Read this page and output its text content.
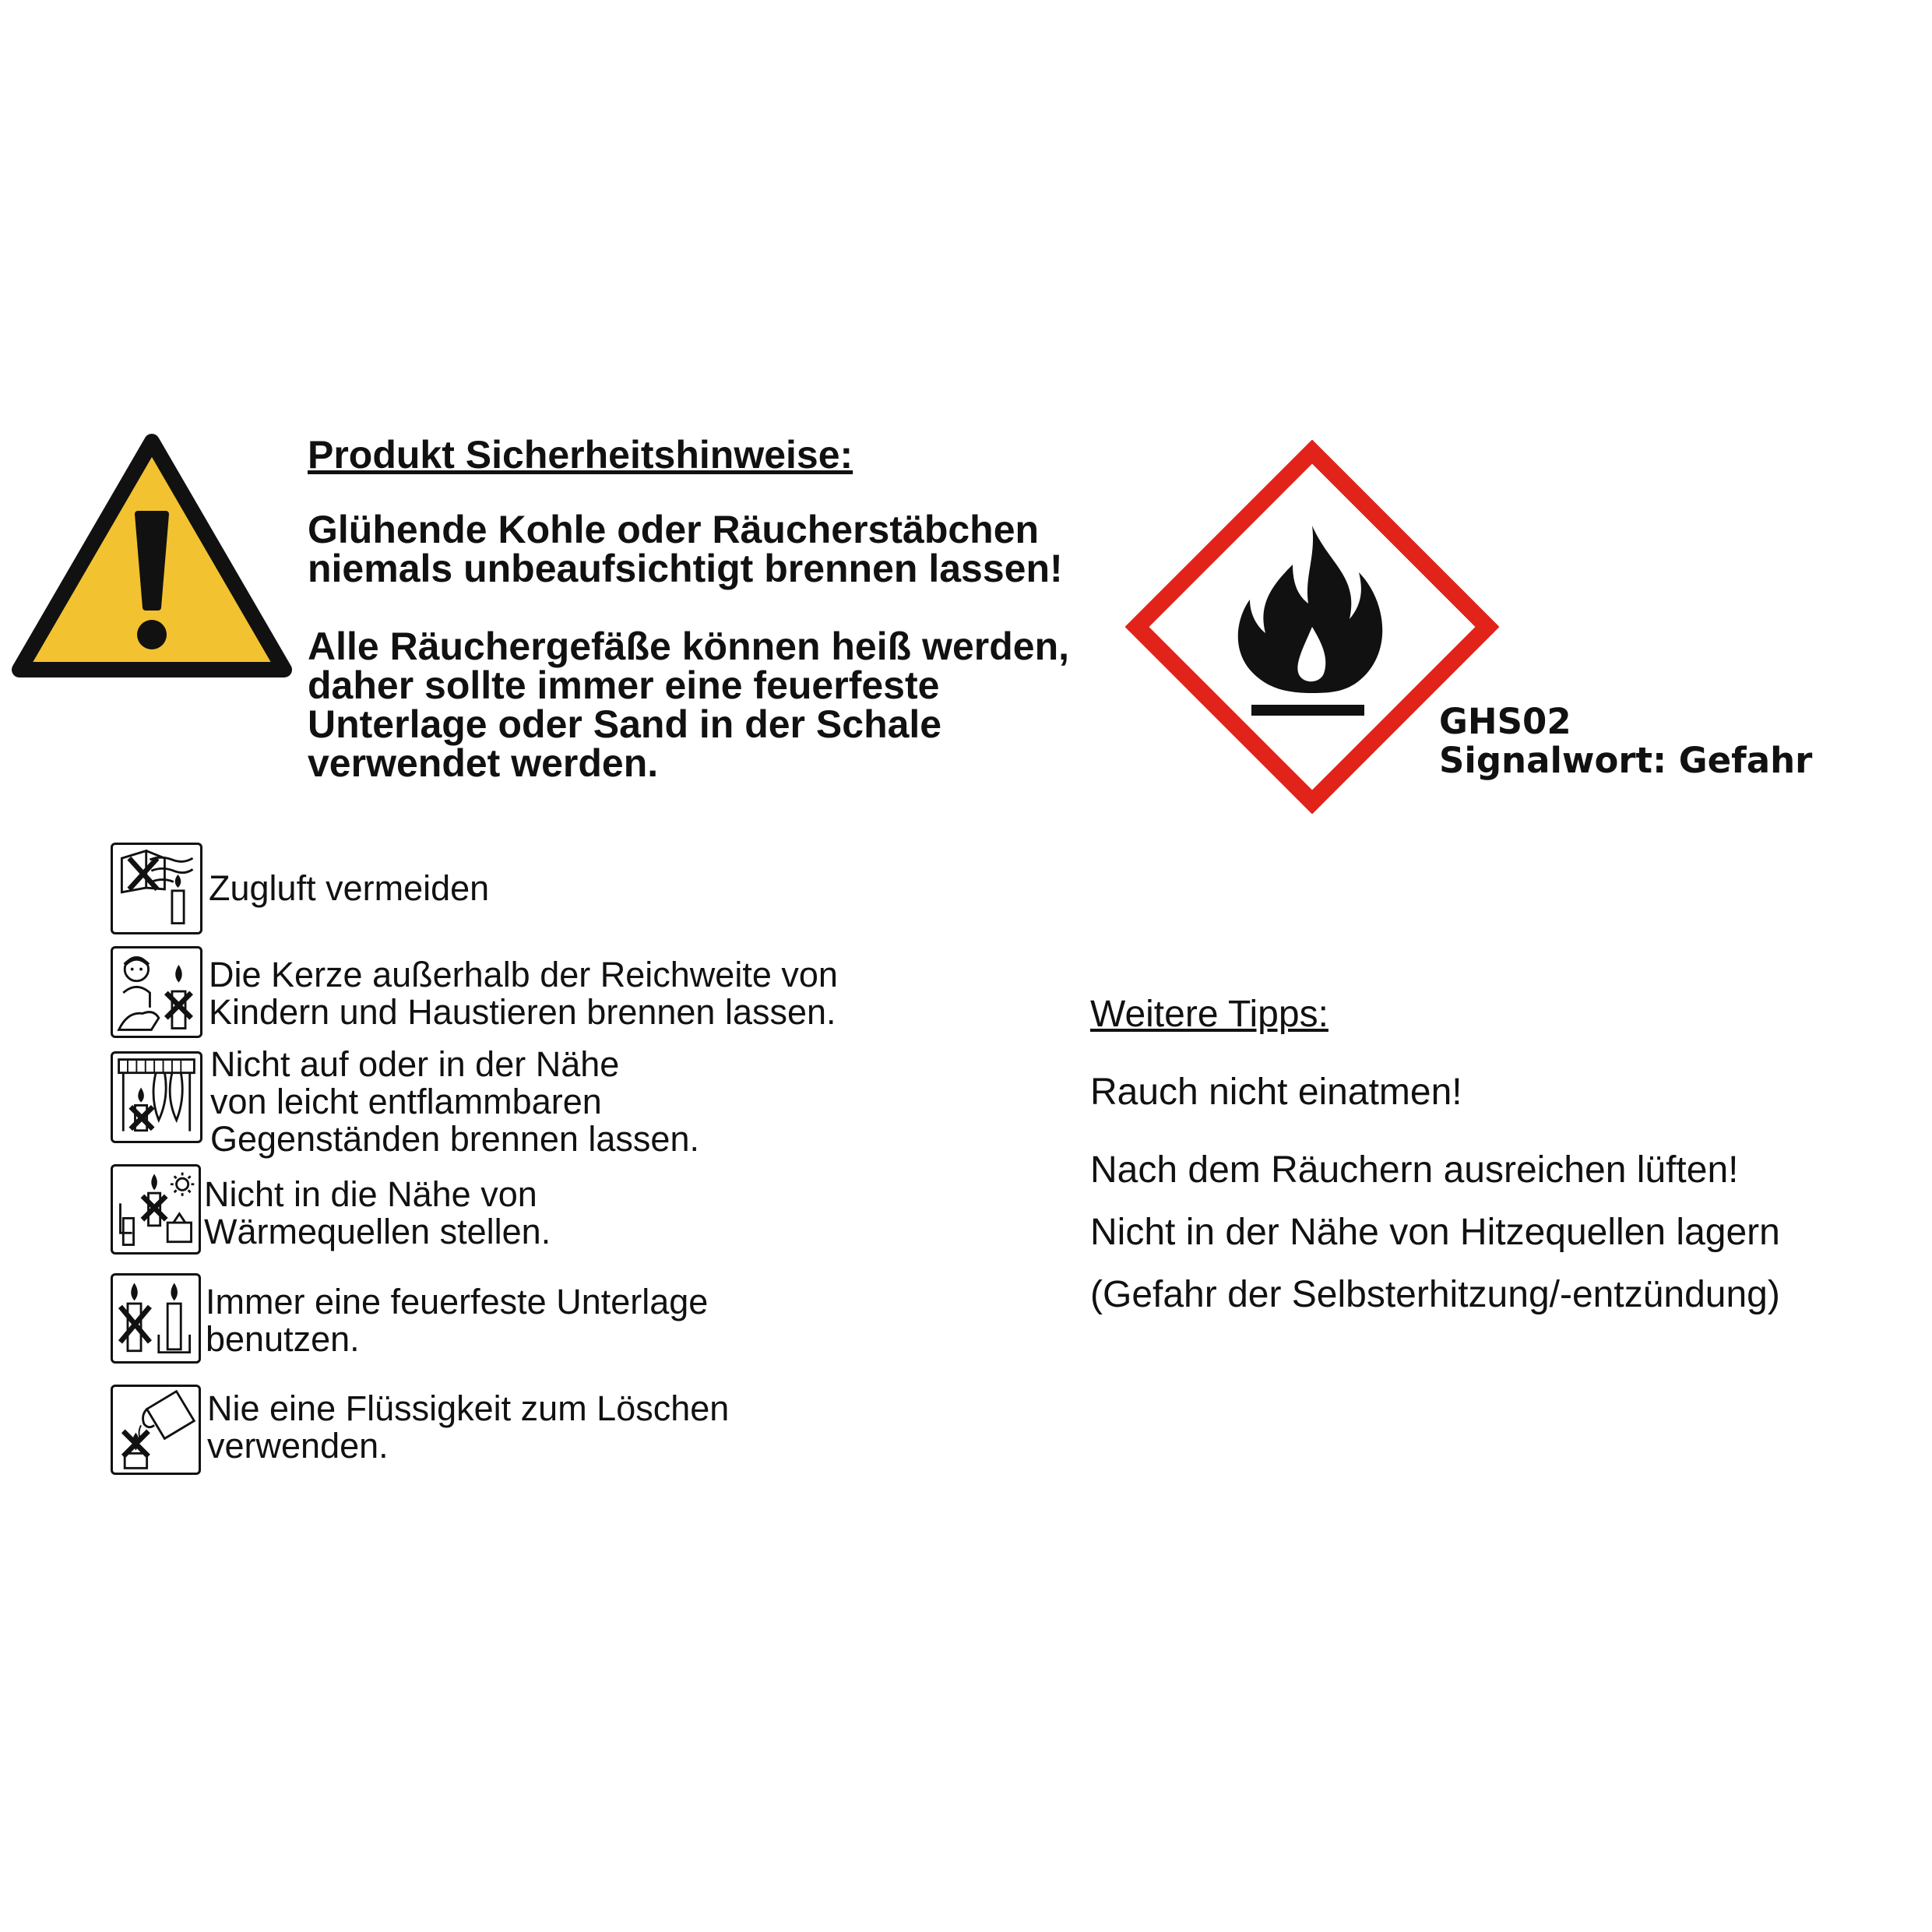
Produkt Sicherheitshinweise:
Glühende Kohle oder Räucherstäbchen
niemals unbeaufsichtigt brennen lassen!
Alle Räuchergefäße können heiß werden,
daher sollte immer eine feuerfeste
Unterlage oder Sand in der Schale
verwendet werden.
GHS02
Signalwort: Gefahr
Zugluft vermeiden
Die Kerze außerhalb der Reichweite von
Kindern und Haustieren brennen lassen.
Nicht auf oder in der Nähe
von leicht entflammbaren
Gegenständen brennen lassen.
Nicht in die Nähe von
Wärmequellen stellen.
Immer eine feuerfeste Unterlage
benutzen.
Nie eine Flüssigkeit zum Löschen
verwenden.
Weitere Tipps:
Rauch nicht einatmen!
Nach dem Räuchern ausreichen lüften!
Nicht in der Nähe von Hitzequellen lagern
(Gefahr der Selbsterhitzung/-entzündung)
